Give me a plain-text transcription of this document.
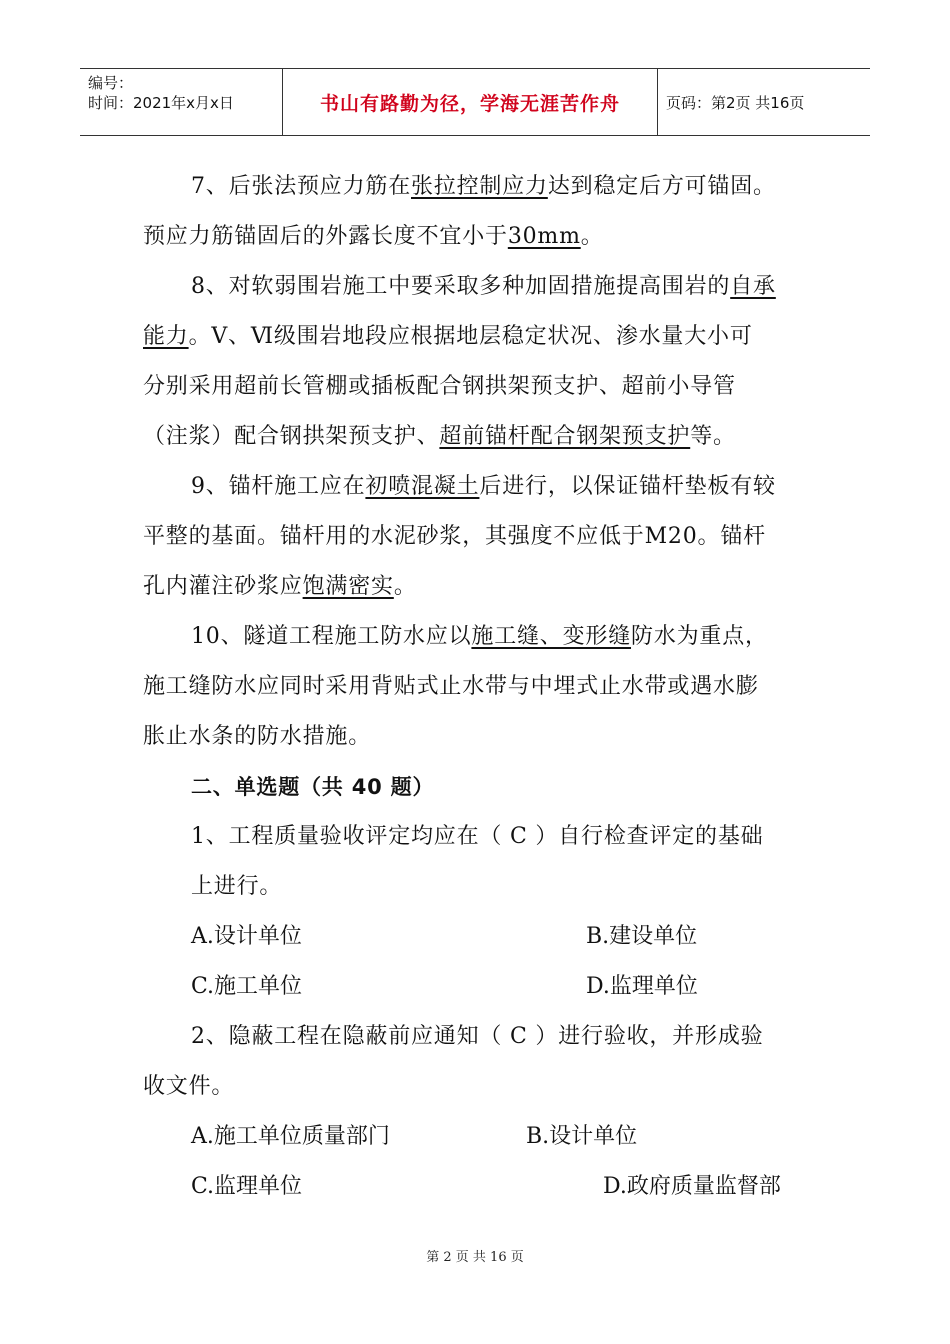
编号：
时间：2021年x月x日	书山有路勤为径，学海无涯苦作舟	页码：第2页 共16页
7、后张法预应力筋在张拉控制应力达到稳定后方可锚固。
预应力筋锚固后的外露长度不宜小于30mm。
8、对软弱围岩施工中要采取多种加固措施提高围岩的自承
能力。Ⅴ、Ⅵ级围岩地段应根据地层稳定状况、渗水量大小可
分别采用超前长管棚或插板配合钢拱架预支护、超前小导管
（注浆）配合钢拱架预支护、超前锚杆配合钢架预支护等。
9、锚杆施工应在初喷混凝土后进行，以保证锚杆垫板有较
平整的基面。锚杆用的水泥砂浆，其强度不应低于M20。锚杆
孔内灌注砂浆应饱满密实。
10、隧道工程施工防水应以施工缝、变形缝防水为重点，
施工缝防水应同时采用背贴式止水带与中埋式止水带或遇水膨
胀止水条的防水措施。
二、单选题（共 40 题）
1、工程质量验收评定均应在（ C ）自行检查评定的基础
上进行。
A.设计单位	B.建设单位
C.施工单位	D.监理单位
2、隐蔽工程在隐蔽前应通知（ C ）进行验收，并形成验
收文件。
A.施工单位质量部门	B.设计单位
C.监理单位	D.政府质量监督部
第 2 页 共 16 页
